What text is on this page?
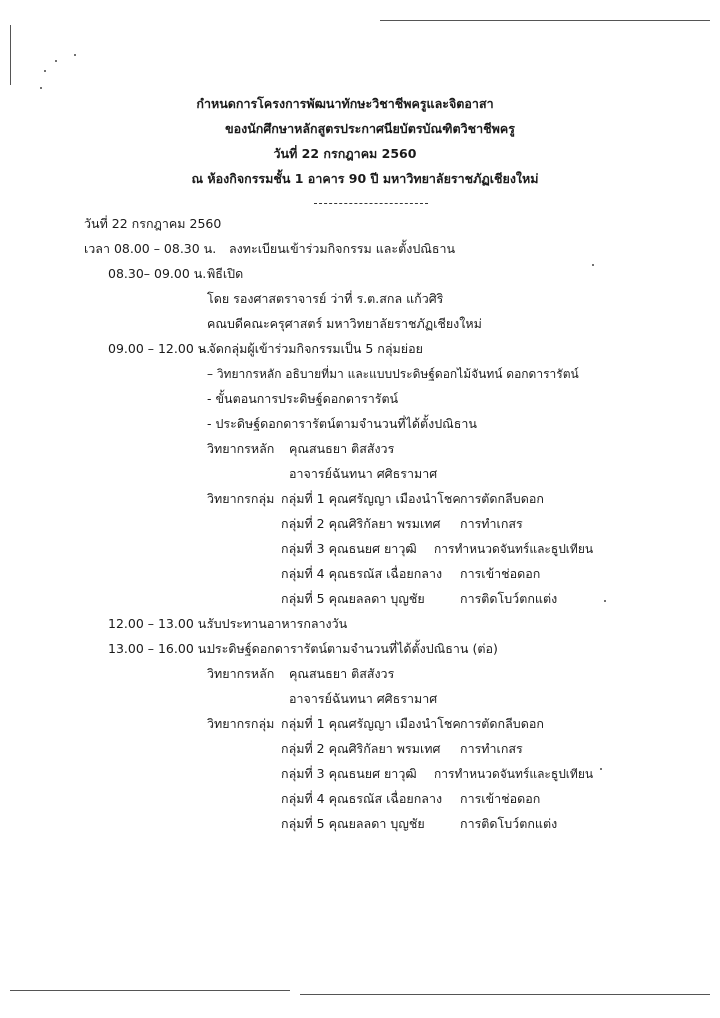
กำหนดการโครงการพัฒนาทักษะวิชาชีพครูและจิตอาสา
ของนักศึกษาหลักสูตรประกาศนียบัตรบัณฑิตวิชาชีพครู
วันที่ 22 กรกฎาคม 2560
ณ ห้องกิจกรรมชั้น 1 อาคาร 90 ปี มหาวิทยาลัยราชภัฏเชียงใหม่
วันที่ 22 กรกฎาคม 2560
เวลา 08.00 – 08.30 น. ลงทะเบียนเข้าร่วมกิจกรรม และตั้งปณิธาน
08.30– 09.00 น. พิธีเปิด
โดย รองศาสตราจารย์ ว่าที่ ร.ต.สกล แก้วศิริ
คณบดีคณะครุศาสตร์ มหาวิทยาลัยราชภัฏเชียงใหม่
09.00 – 12.00 น.
- จัดกลุ่มผู้เข้าร่วมกิจกรรมเป็น 5 กลุ่มย่อย
– วิทยากรหลัก อธิบายที่มา และแบบประดิษฐ์ดอกไม้จันทน์ ดอกดารารัตน์
- ขั้นตอนการประดิษฐ์ดอกดารารัตน์
- ประดิษฐ์ดอกดารารัตน์ตามจำนวนที่ได้ตั้งปณิธาน
วิทยากรหลัก คุณสนธยา ติสสังวร
อาจารย์ฉันทนา ศศิธรามาศ
วิทยากรกลุ่ม กลุ่มที่ 1 คุณศรัญญา เมืองนำโชค การตัดกลีบดอก
กลุ่มที่ 2 คุณศิริกัลยา พรมเทศ การทำเกสร
กลุ่มที่ 3 คุณธนยศ ยาวุฒิ การทำหนวดจันทร์และธูปเทียน
กลุ่มที่ 4 คุณธรณัส เฉื่อยกลาง การเข้าช่อดอก
กลุ่มที่ 5 คุณยลลดา บุญชัย	การติดโบว์ตกแต่ง
12.00 – 13.00 น.
รับประทานอาหารกลางวัน
13.00 – 16.00 น.
ประดิษฐ์ดอกดารารัตน์ตามจำนวนที่ได้ตั้งปณิธาน (ต่อ)
วิทยากรหลัก คุณสนธยา ติสสังวร
อาจารย์ฉันทนา ศศิธรามาศ
วิทยากรกลุ่ม กลุ่มที่ 1 คุณศรัญญา เมืองนำโชค การตัดกลีบดอก
กลุ่มที่ 2 คุณศิริกัลยา พรมเทศ การทำเกสร
กลุ่มที่ 3 คุณธนยศ ยาวุฒิ การทำหนวดจันทร์และธูปเทียน
กลุ่มที่ 4 คุณธรณัส เฉื่อยกลาง การเข้าช่อดอก
กลุ่มที่ 5 คุณยลลดา บุญชัย	การติดโบว์ตกแต่ง
